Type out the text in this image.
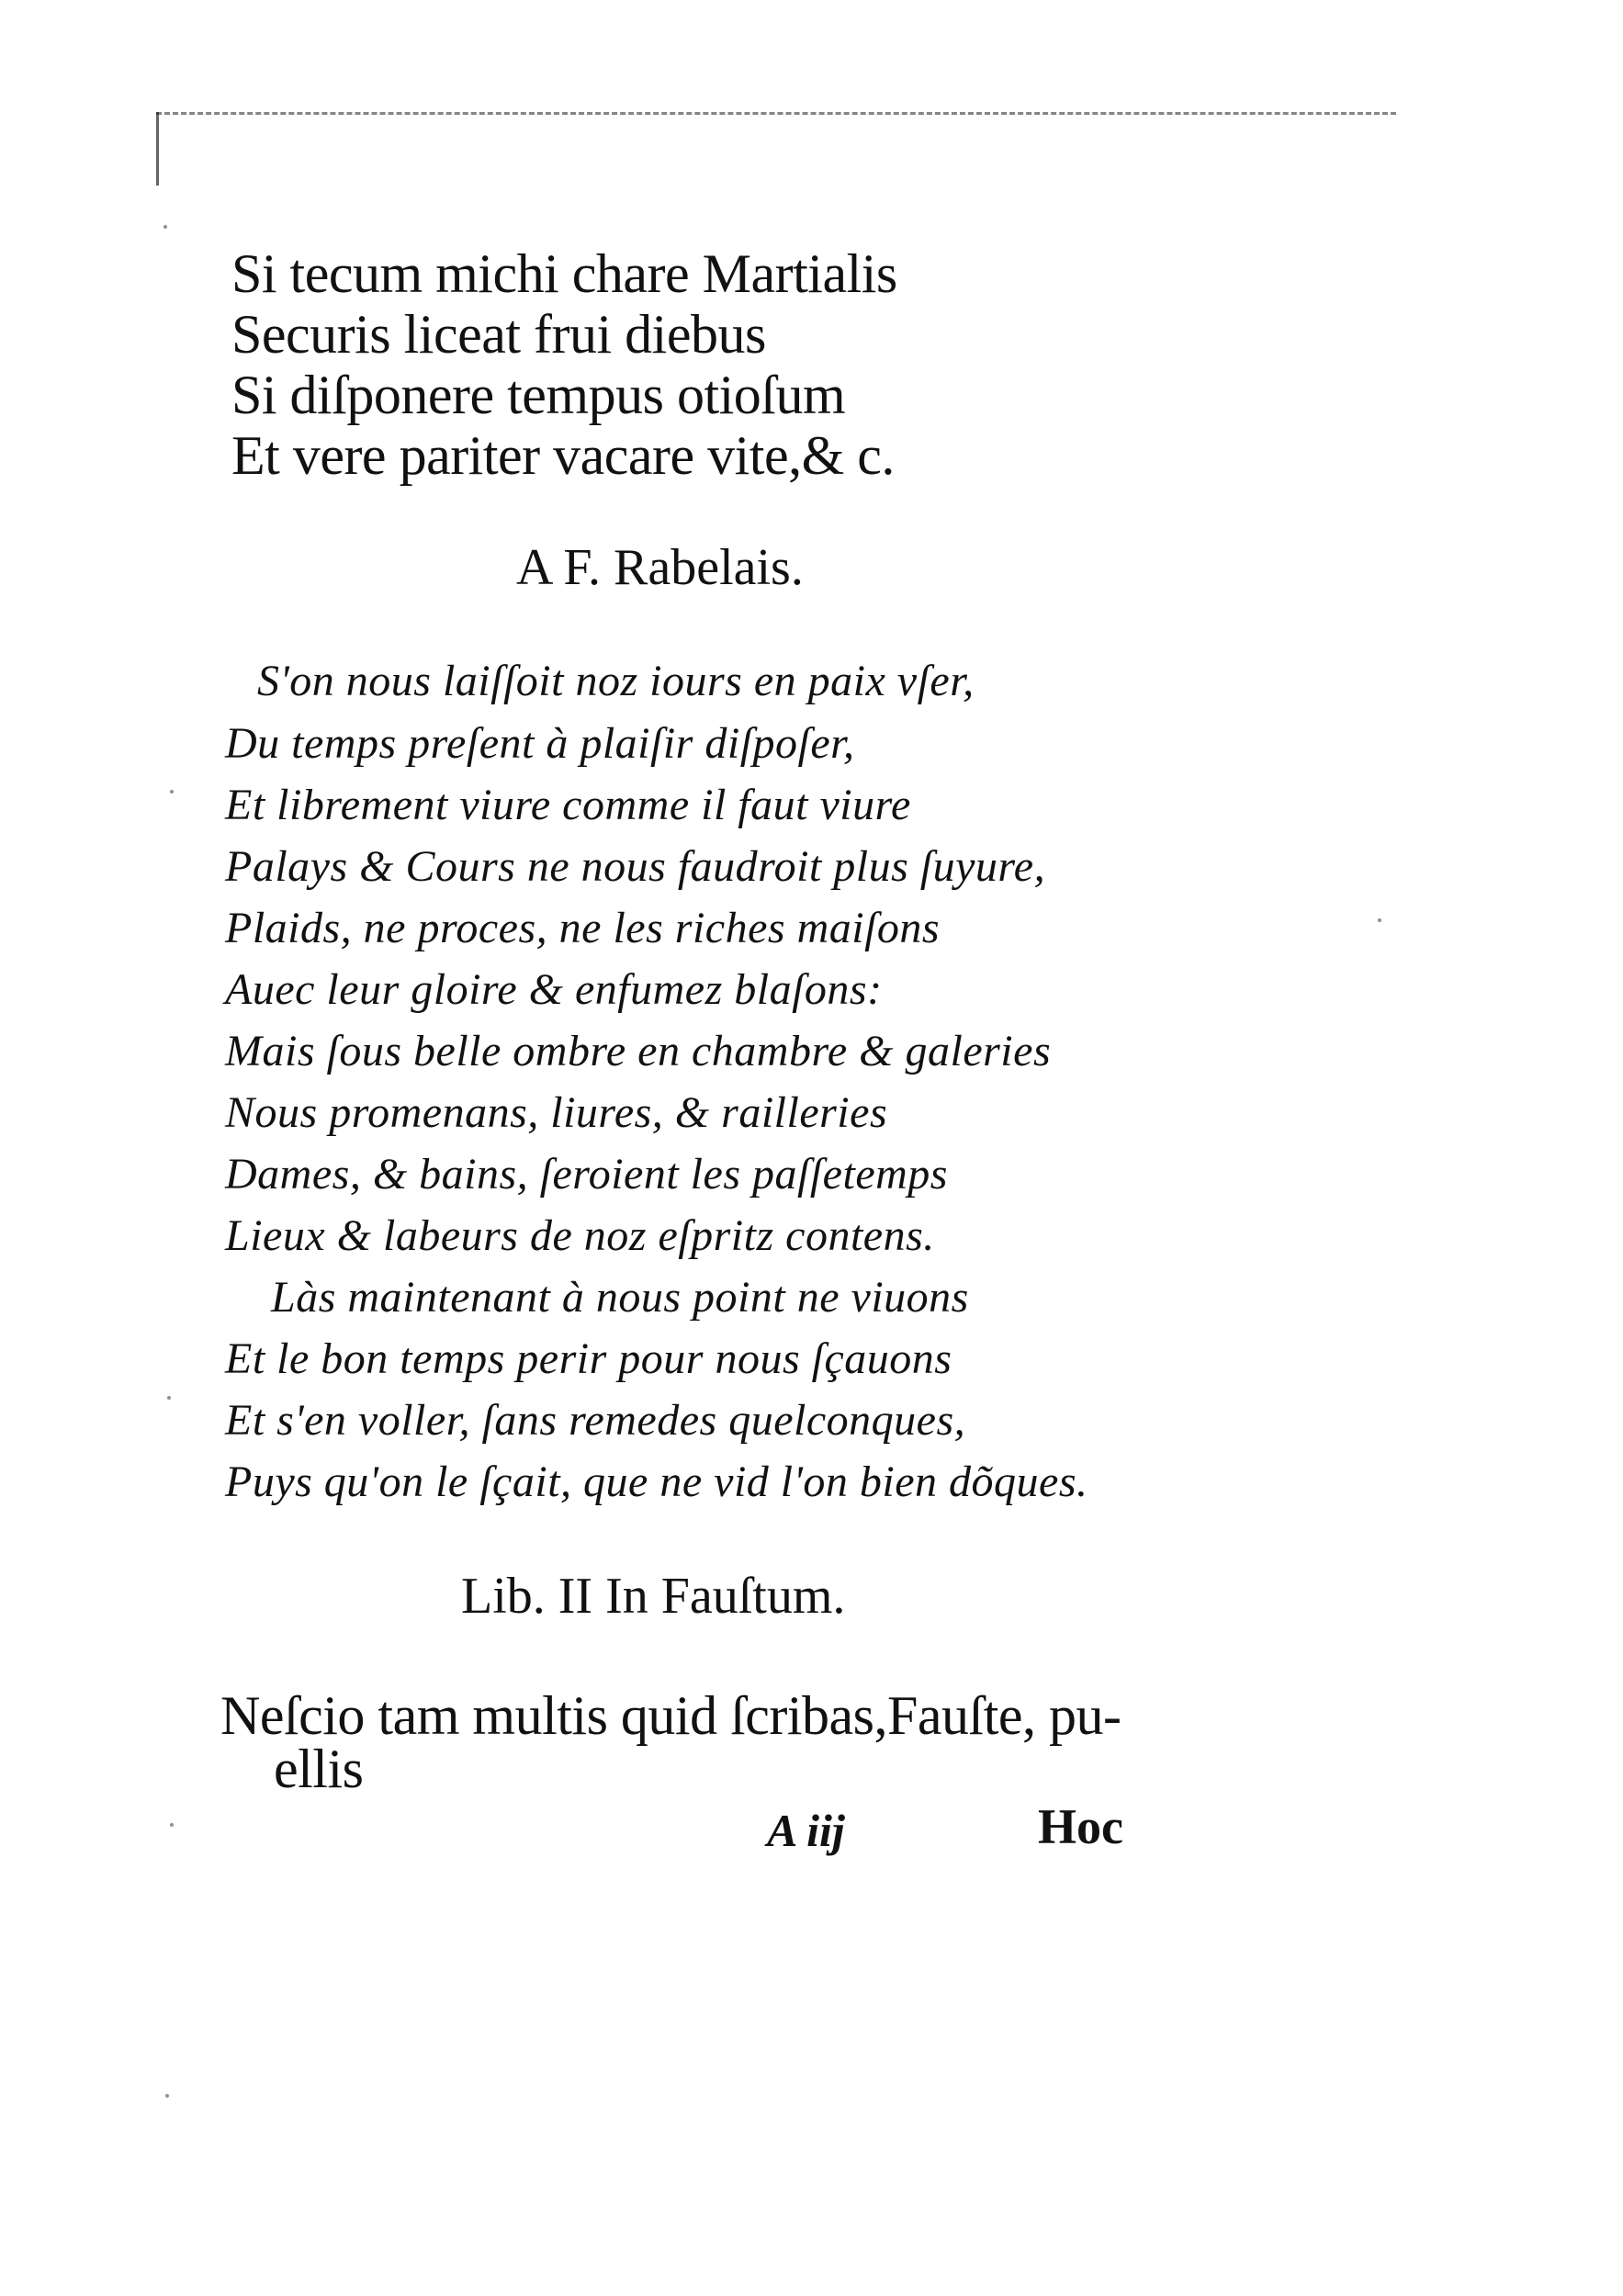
Si tecum michi chare Martialis
Securis liceat frui diebus
Si diſponere tempus otioſum
Et vere pariter vacare vite,& c.
A F. Rabelais.
S'on nous laiſſoit noz iours en paix vſer,
Du temps preſent à plaiſir diſpoſer,
Et librement viure comme il faut viure
Palays & Cours ne nous faudroit plus ſuyure,
Plaids, ne proces, ne les riches maiſons
Auec leur gloire & enfumez blaſons:
Mais ſous belle ombre en chambre & galeries
Nous promenans, liures, & railleries
Dames, & bains, ſeroient les paſſetemps
Lieux & labeurs de noz eſpritz contens.
Làs maintenant à nous point ne viuons
Et le bon temps perir pour nous ſçauons
Et s'en voller, ſans remedes quelconques,
Puys qu'on le ſçait, que ne vid l'on bien dõques.
Lib. II In Fauſtum.
Neſcio tam multis quid ſcribas,Fauſte, pu-
ellis
A iij	Hoc
